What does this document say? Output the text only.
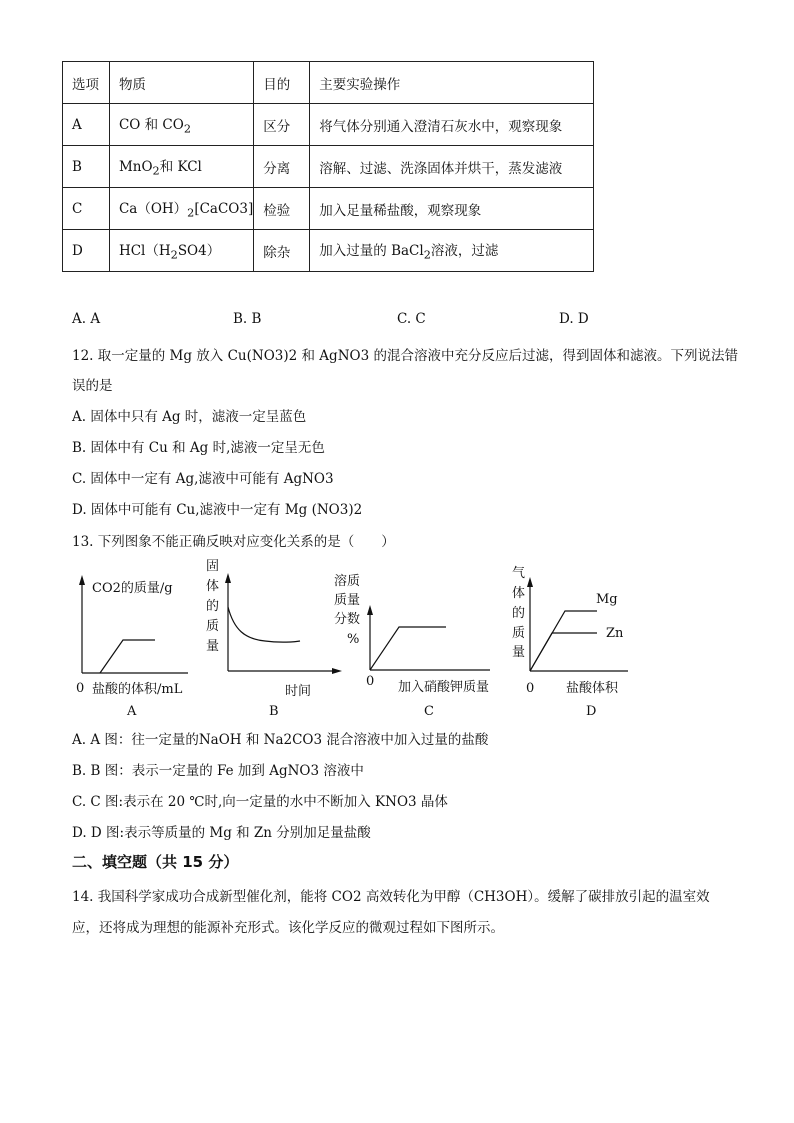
选项	物质	目的	主要实验操作
A	CO 和 $CO_2$	区分	将气体分别通入澄清石灰水中，观察现象
B	MnO$_2$和 KCl	分离	溶解、过滤、洗涤固体并烘干，蒸发滤液
C	$Ca(OH)_2[CaCO3]$	检验	加入足量稀盐酸，观察现象
D	$HCl(H_2SO4)$	除杂	加入过量的 BaCl$_2$溶液，过滤
A. A	B. B	C. C	D. D
12. 取一定量的 Mg 放入 Cu(NO3)2 和 AgNO3 的混合溶液中充分反应后过滤，得到固体和滤液。下列说法错
误的是
A. 固体中只有 Ag 时，滤液一定呈蓝色
B. 固体中有 Cu 和 Ag 时,滤液一定呈无色
C. 固体中一定有 Ag,滤液中可能有 AgNO3
D. 固体中可能有 Cu,滤液中一定有 Mg (NO3)2
13. 下列图象不能正确反映对应变化关系的是（　　）
CO2的质量/g
0 盐酸的体积/mL
A
固
体
的
质
量
时间
B
溶质
质量
分数
%
0 加入硝酸钾质量
C
气
体
的
质
量
Mg
Zn
0 盐酸体积
D
A. A 图：往一定量的NaOH 和 Na2CO3 混合溶液中加入过量的盐酸
B. B 图：表示一定量的 Fe 加到 AgNO3 溶液中
C. C 图:表示在 20 ℃时,向一定量的水中不断加入 KNO3 晶体
D. D 图:表示等质量的 Mg 和 Zn 分别加足量盐酸
二、填空题（共 15 分）
14. 我国科学家成功合成新型催化剂，能将 CO2 高效转化为甲醇（CH3OH）。缓解了碳排放引起的温室效
应，还将成为理想的能源补充形式。该化学反应的微观过程如下图所示。
